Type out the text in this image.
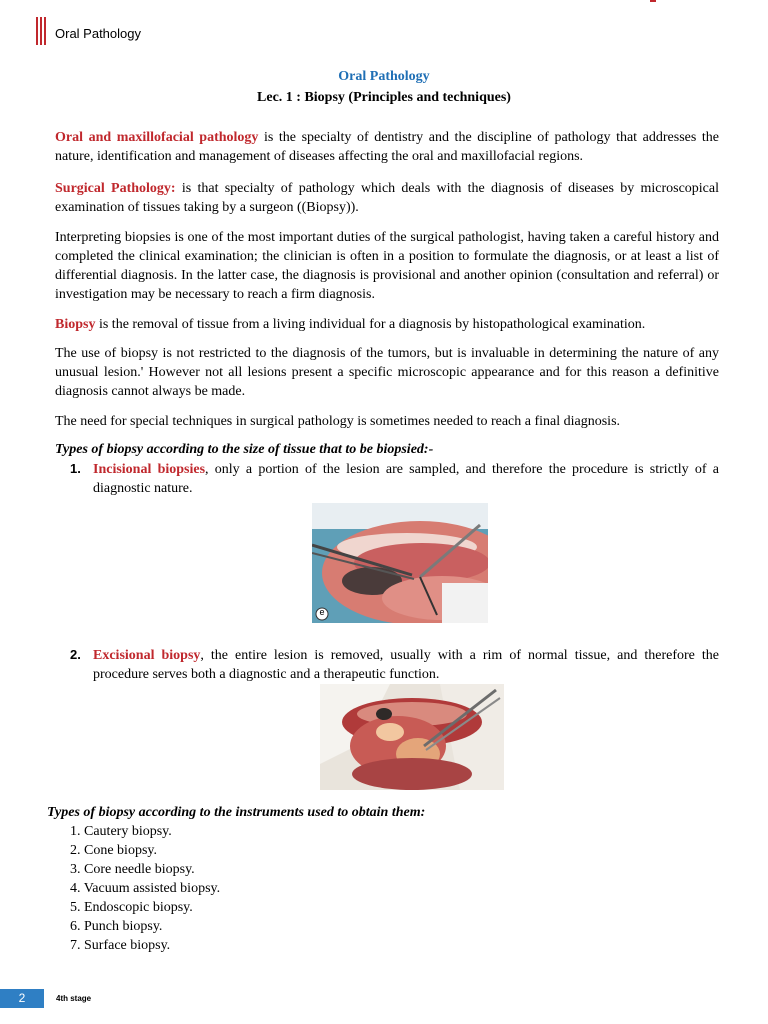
Oral Pathology
Oral Pathology
Lec. 1 : Biopsy (Principles and techniques)
Oral and maxillofacial pathology is the specialty of dentistry and the discipline of pathology that addresses the nature, identification and management of diseases affecting the oral and maxillofacial regions.
Surgical Pathology: is that specialty of pathology which deals with the diagnosis of diseases by microscopical examination of tissues taking by a surgeon ((Biopsy)).
Interpreting biopsies is one of the most important duties of the surgical pathologist, having taken a careful history and completed the clinical examination; the clinician is often in a position to formulate the diagnosis, or at least a list of differential diagnosis. In the latter case, the diagnosis is provisional and another opinion (consultation and referral) or investigation may be necessary to reach a firm diagnosis.
Biopsy is the removal of tissue from a living individual for a diagnosis by histopathological examination.
The use of biopsy is not restricted to the diagnosis of the tumors, but is invaluable in determining the nature of any unusual lesion.' However not all lesions present a specific microscopic appearance and for this reason a definitive diagnosis cannot always be made.
The need for special techniques in surgical pathology is sometimes needed to reach a final diagnosis.
Types of biopsy according to the size of tissue that to be biopsied:-
1. Incisional biopsies, only a portion of the lesion are sampled, and therefore the procedure is strictly of a diagnostic nature.
e
2. Excisional biopsy, the entire lesion is removed, usually with a rim of normal tissue, and therefore the procedure serves both a diagnostic and a therapeutic function.
Types of biopsy according to the instruments used to obtain them:
1. Cautery biopsy.
2. Cone biopsy.
3. Core needle biopsy.
4. Vacuum assisted biopsy.
5. Endoscopic biopsy.
6. Punch biopsy.
7. Surface biopsy.
2	4th stage
